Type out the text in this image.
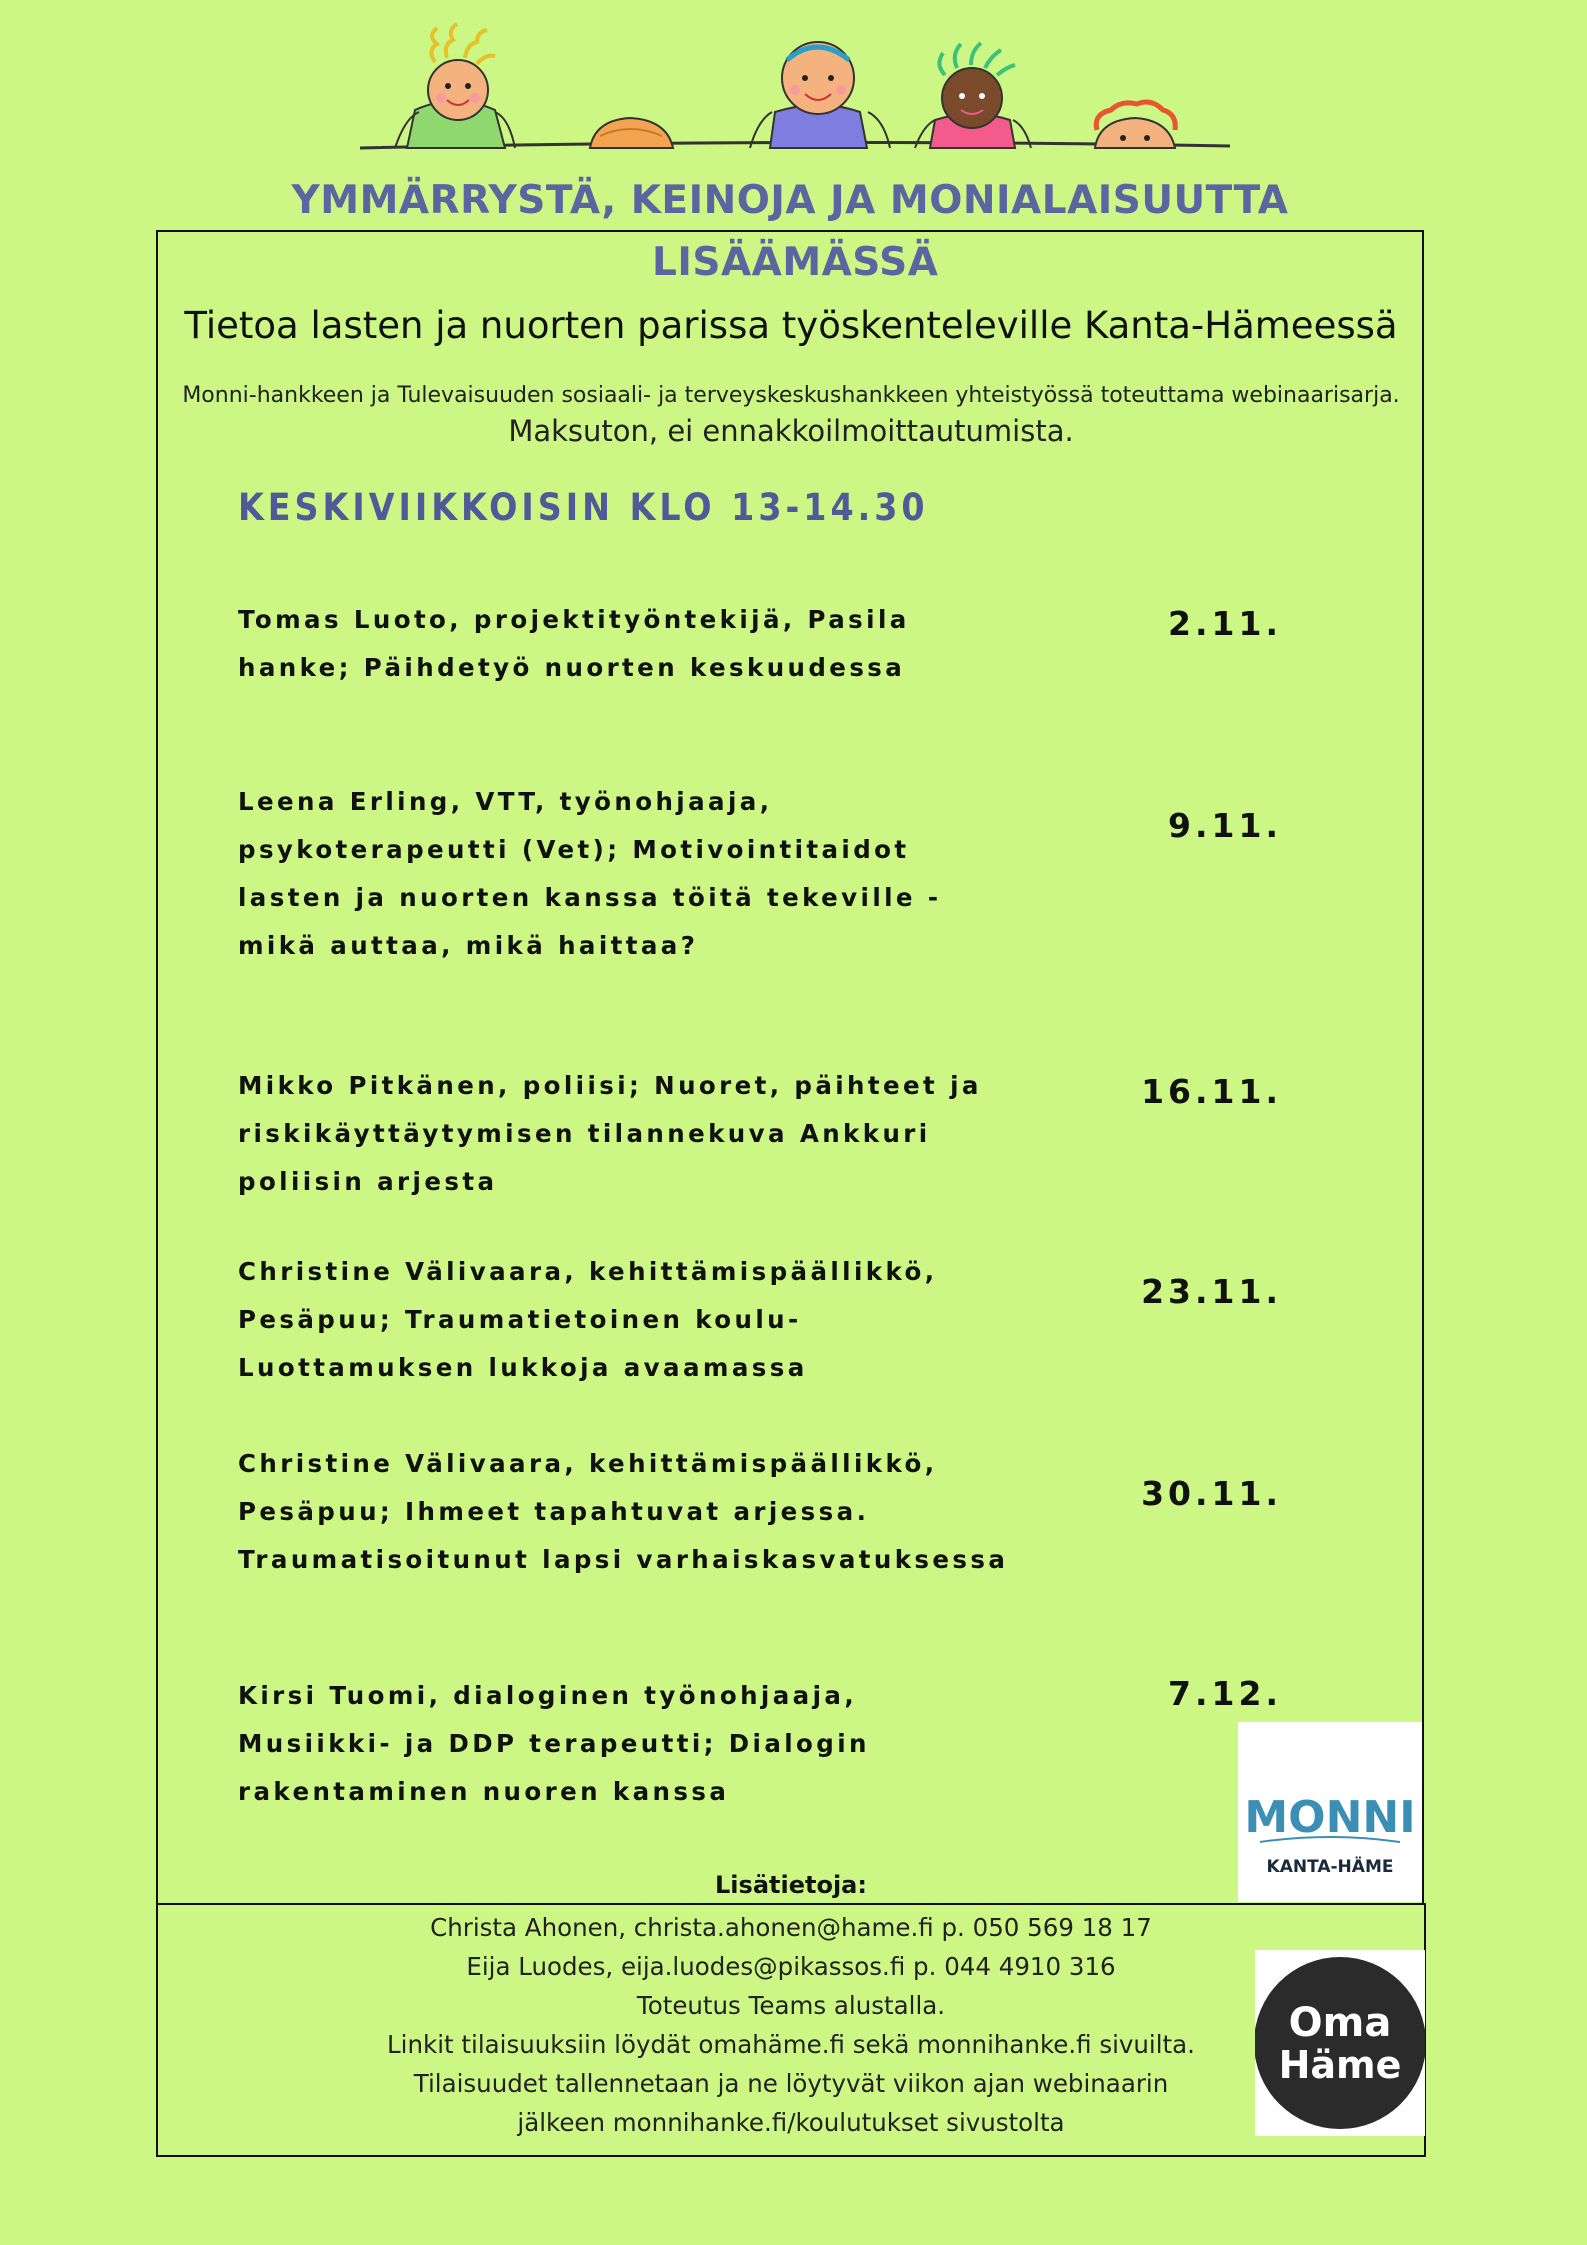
YMMÄRRYSTÄ, KEINOJA JA MONIALAISUUTTA
LISÄÄMÄSSÄ
Tietoa lasten ja nuorten parissa työskenteleville Kanta-Hämeessä
Monni-hankkeen ja Tulevaisuuden sosiaali- ja terveyskeskushankkeen yhteistyössä toteuttama webinaarisarja.
Maksuton, ei ennakkoilmoittautumista.
KESKIVIIKKOISIN KLO 13-14.30
Tomas Luoto, projektityöntekijä, Pasila
hanke; Päihdetyö nuorten keskuudessa
2.11.
Leena Erling, VTT, työnohjaaja,
psykoterapeutti (Vet); Motivointitaidot
lasten ja nuorten kanssa töitä tekeville -
mikä auttaa, mikä haittaa?
9.11.
Mikko Pitkänen, poliisi; Nuoret, päihteet ja
riskikäyttäytymisen tilannekuva Ankkuri
poliisin arjesta
16.11.
Christine Välivaara, kehittämispäällikkö,
Pesäpuu; Traumatietoinen koulu-
Luottamuksen lukkoja avaamassa
23.11.
Christine Välivaara, kehittämispäällikkö,
Pesäpuu; Ihmeet tapahtuvat arjessa.
Traumatisoitunut lapsi varhaiskasvatuksessa
30.11.
Kirsi Tuomi, dialoginen työnohjaaja,
Musiikki- ja DDP terapeutti; Dialogin
rakentaminen nuoren kanssa
7.12.
MONNI
KANTA-HÄME
Oma
Häme
Lisätietoja:
Christa Ahonen, christa.ahonen@hame.fi p. 050 569 18 17
Eija Luodes, eija.luodes@pikassos.fi p. 044 4910 316
Toteutus Teams alustalla.
Linkit tilaisuuksiin löydät omahäme.fi sekä monnihanke.fi sivuilta.
Tilaisuudet tallennetaan ja ne löytyvät viikon ajan webinaarin
jälkeen monnihanke.fi/koulutukset sivustolta
